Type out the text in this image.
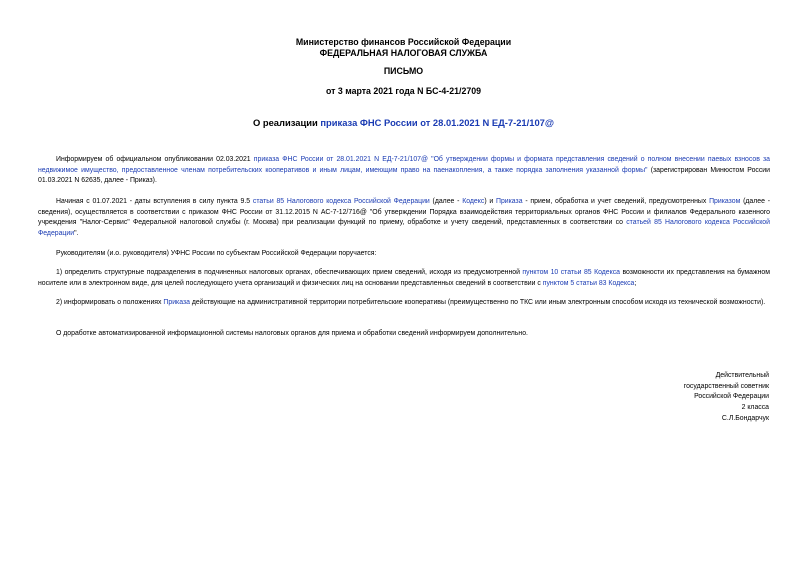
Министерство финансов Российской Федерации
ФЕДЕРАЛЬНАЯ НАЛОГОВАЯ СЛУЖБА
ПИСЬМО
от 3 марта 2021 года N БС-4-21/2709
О реализации приказа ФНС России от 28.01.2021 N ЕД-7-21/107@
Информируем об официальном опубликовании 02.03.2021 приказа ФНС России от 28.01.2021 N ЕД-7-21/107@ "Об утверждении формы и формата представления сведений о полном внесении паевых взносов за недвижимое имущество, предоставленное членам потребительских кооперативов и иным лицам, имеющим право на паенакопления, а также порядка заполнения указанной формы" (зарегистрирован Минюстом России 01.03.2021 N 62635, далее - Приказ).
Начиная с 01.07.2021 - даты вступления в силу пункта 9.5 статьи 85 Налогового кодекса Российской Федерации (далее - Кодекс) и Приказа - прием, обработка и учет сведений, предусмотренных Приказом (далее - сведения), осуществляется в соответствии с приказом ФНС России от 31.12.2015 N АС-7-12/716@ "Об утверждении Порядка взаимодействия территориальных органов ФНС России и филиалов Федерального казенного учреждения "Налог-Сервис" Федеральной налоговой службы (г. Москва) при реализации функций по приему, обработке и учету сведений, представленных в соответствии со статьей 85 Налогового кодекса Российской Федерации".
Руководителям (и.о. руководителя) УФНС России по субъектам Российской Федерации поручается:
1) определить структурные подразделения в подчиненных налоговых органах, обеспечивающих прием сведений, исходя из предусмотренной пунктом 10 статьи 85 Кодекса возможности их представления на бумажном носителе или в электронном виде, для целей последующего учета организаций и физических лиц на основании представленных сведений в соответствии с пунктом 5 статьи 83 Кодекса;
2) информировать о положениях Приказа действующие на административной территории потребительские кооперативы (преимущественно по ТКС или иным электронным способом исходя из технической возможности).
О доработке автоматизированной информационной системы налоговых органов для приема и обработки сведений информируем дополнительно.
Действительный
государственный советник
Российской Федерации
2 класса
С.Л.Бондарчук
